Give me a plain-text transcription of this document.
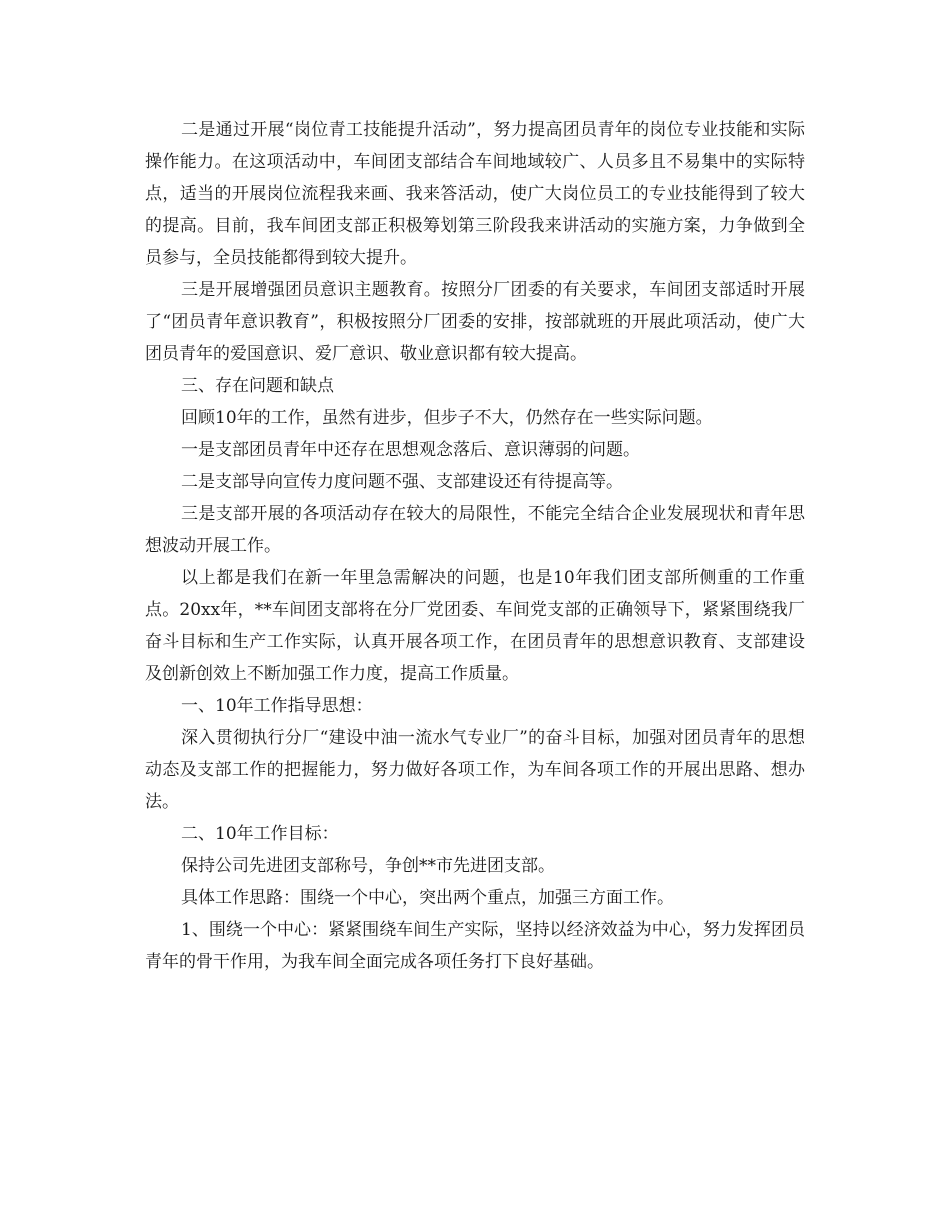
二是通过开展“岗位青工技能提升活动”，努力提高团员青年的岗位专业技能和实际操作能力。在这项活动中，车间团支部结合车间地域较广、人员多且不易集中的实际特点，适当的开展岗位流程我来画、我来答活动，使广大岗位员工的专业技能得到了较大的提高。目前，我车间团支部正积极筹划第三阶段我来讲活动的实施方案，力争做到全员参与，全员技能都得到较大提升。

三是开展增强团员意识主题教育。按照分厂团委的有关要求，车间团支部适时开展了“团员青年意识教育”，积极按照分厂团委的安排，按部就班的开展此项活动，使广大团员青年的爱国意识、爱厂意识、敬业意识都有较大提高。

三、存在问题和缺点

回顾10年的工作，虽然有进步，但步子不大，仍然存在一些实际问题。

一是支部团员青年中还存在思想观念落后、意识薄弱的问题。

二是支部导向宣传力度问题不强、支部建设还有待提高等。

三是支部开展的各项活动存在较大的局限性，不能完全结合企业发展现状和青年思想波动开展工作。

以上都是我们在新一年里急需解决的问题，也是10年我们团支部所侧重的工作重点。20xx年，**车间团支部将在分厂党团委、车间党支部的正确领导下，紧紧围绕我厂奋斗目标和生产工作实际，认真开展各项工作，在团员青年的思想意识教育、支部建设及创新创效上不断加强工作力度，提高工作质量。

一、10年工作指导思想：

深入贯彻执行分厂“建设中油一流水气专业厂”的奋斗目标，加强对团员青年的思想动态及支部工作的把握能力，努力做好各项工作，为车间各项工作的开展出思路、想办法。

二、10年工作目标：

保持公司先进团支部称号，争创**市先进团支部。

具体工作思路：围绕一个中心，突出两个重点，加强三方面工作。

1、围绕一个中心：紧紧围绕车间生产实际，坚持以经济效益为中心，努力发挥团员青年的骨干作用，为我车间全面完成各项任务打下良好基础。
